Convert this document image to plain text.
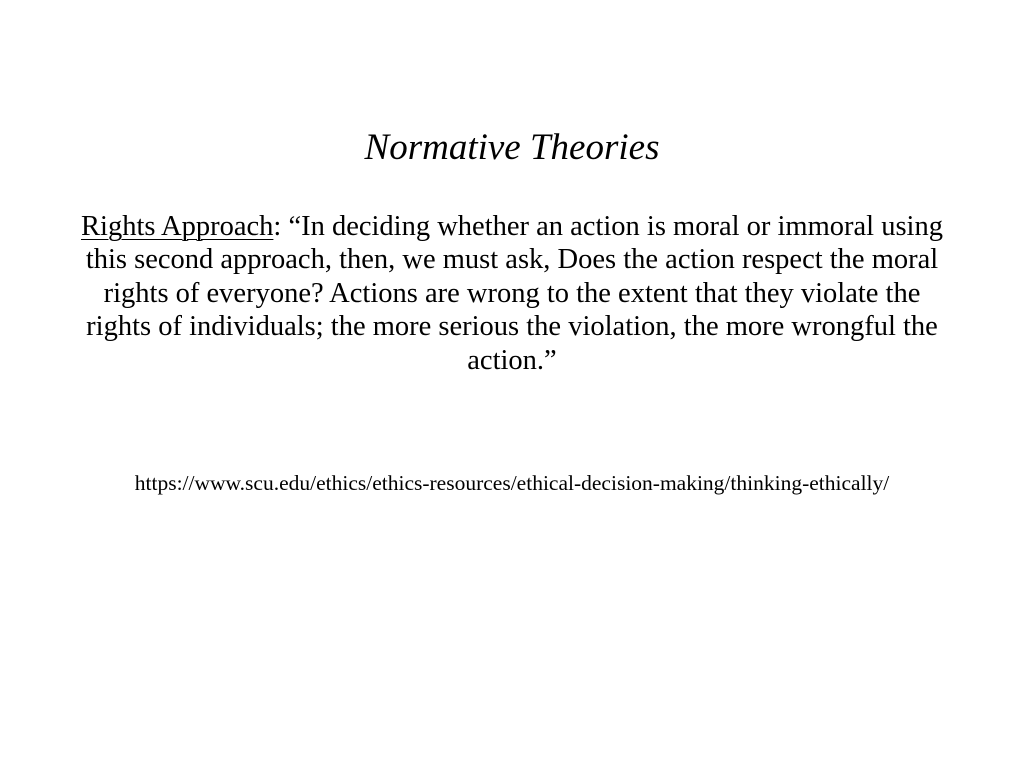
Normative Theories

Rights Approach: “In deciding whether an action is moral or immoral using this second approach, then, we must ask, Does the action respect the moral rights of everyone? Actions are wrong to the extent that they violate the rights of individuals; the more serious the violation, the more wrongful the action.”

https://www.scu.edu/ethics/ethics-resources/ethical-decision-making/thinking-ethically/
